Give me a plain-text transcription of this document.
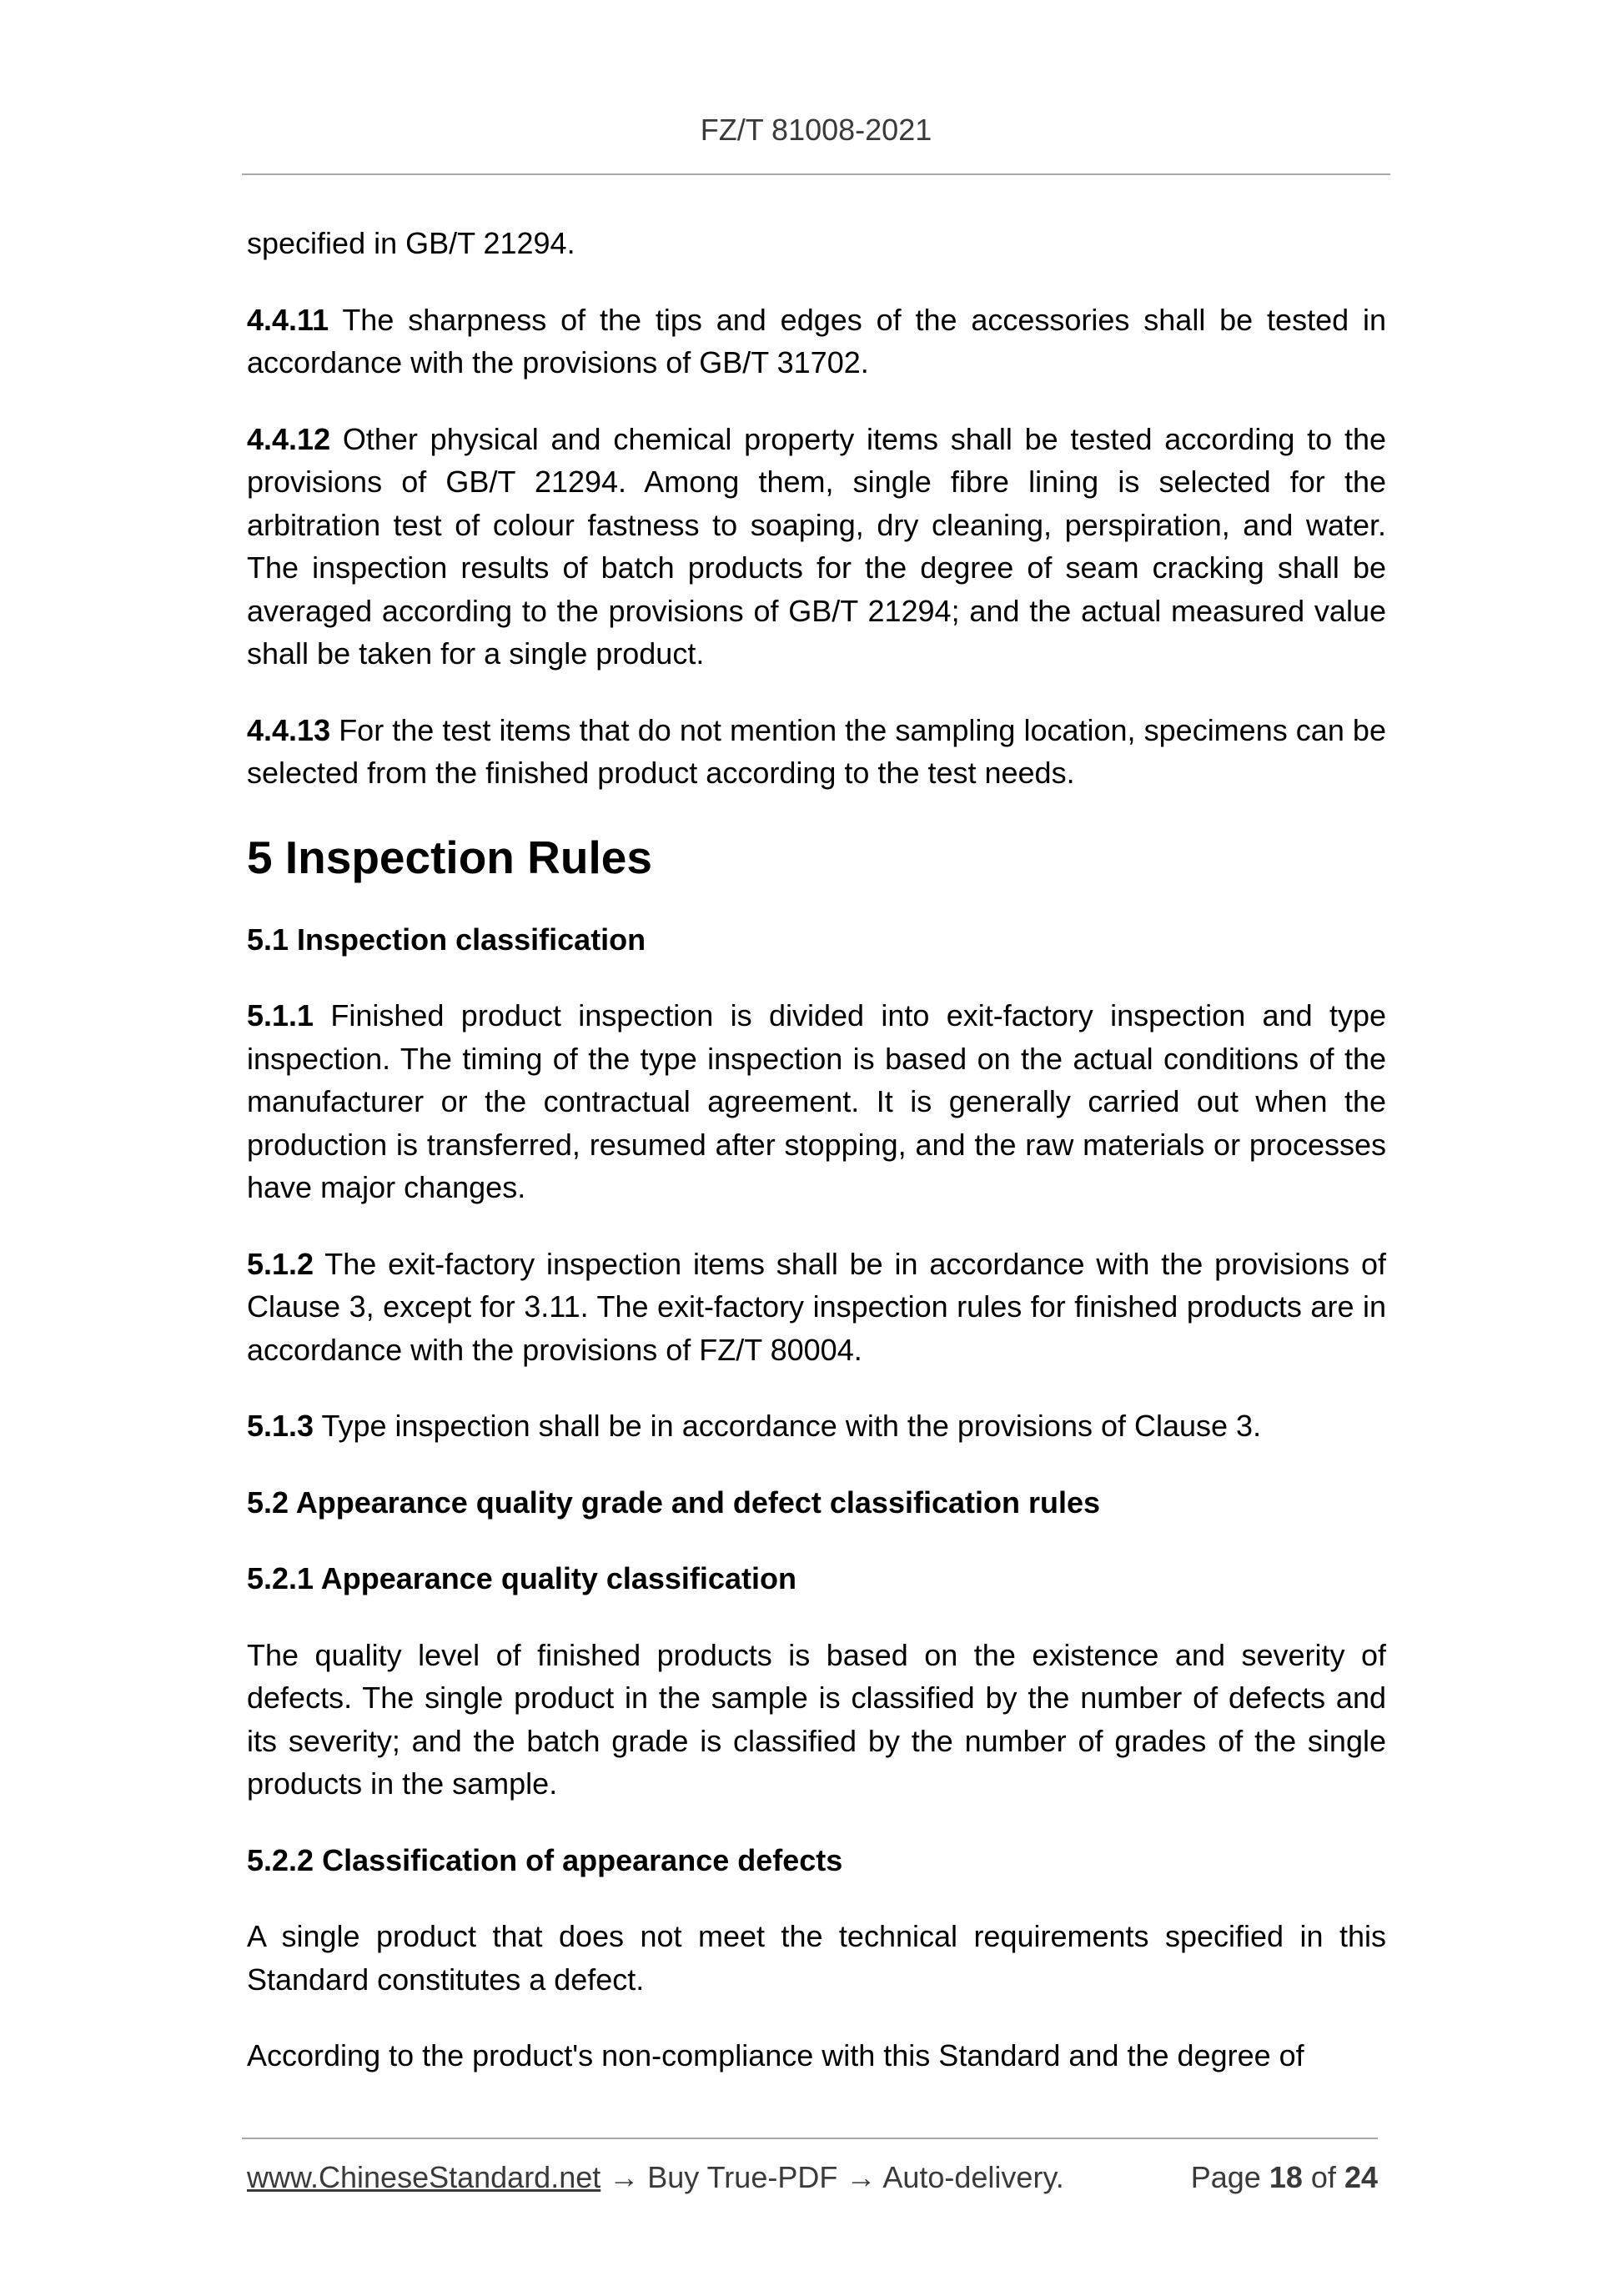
FZ/T 81008-2021

specified in GB/T 21294.

4.4.11 The sharpness of the tips and edges of the accessories shall be tested in accordance with the provisions of GB/T 31702.

4.4.12 Other physical and chemical property items shall be tested according to the provisions of GB/T 21294. Among them, single fibre lining is selected for the arbitration test of colour fastness to soaping, dry cleaning, perspiration, and water. The inspection results of batch products for the degree of seam cracking shall be averaged according to the provisions of GB/T 21294; and the actual measured value shall be taken for a single product.

4.4.13 For the test items that do not mention the sampling location, specimens can be selected from the finished product according to the test needs.

5 Inspection Rules
5.1 Inspection classification

5.1.1 Finished product inspection is divided into exit-factory inspection and type inspection. The timing of the type inspection is based on the actual conditions of the manufacturer or the contractual agreement. It is generally carried out when the production is transferred, resumed after stopping, and the raw materials or processes have major changes.

5.1.2 The exit-factory inspection items shall be in accordance with the provisions of Clause 3, except for 3.11. The exit-factory inspection rules for finished products are in accordance with the provisions of FZ/T 80004.

5.1.3 Type inspection shall be in accordance with the provisions of Clause 3.

5.2 Appearance quality grade and defect classification rules
5.2.1 Appearance quality classification

The quality level of finished products is based on the existence and severity of defects. The single product in the sample is classified by the number of defects and its severity; and the batch grade is classified by the number of grades of the single products in the sample.

5.2.2 Classification of appearance defects

A single product that does not meet the technical requirements specified in this Standard constitutes a defect.

According to the product's non-compliance with this Standard and the degree of

www.ChineseStandard.net → Buy True-PDF → Auto-delivery.	Page 18 of 24
